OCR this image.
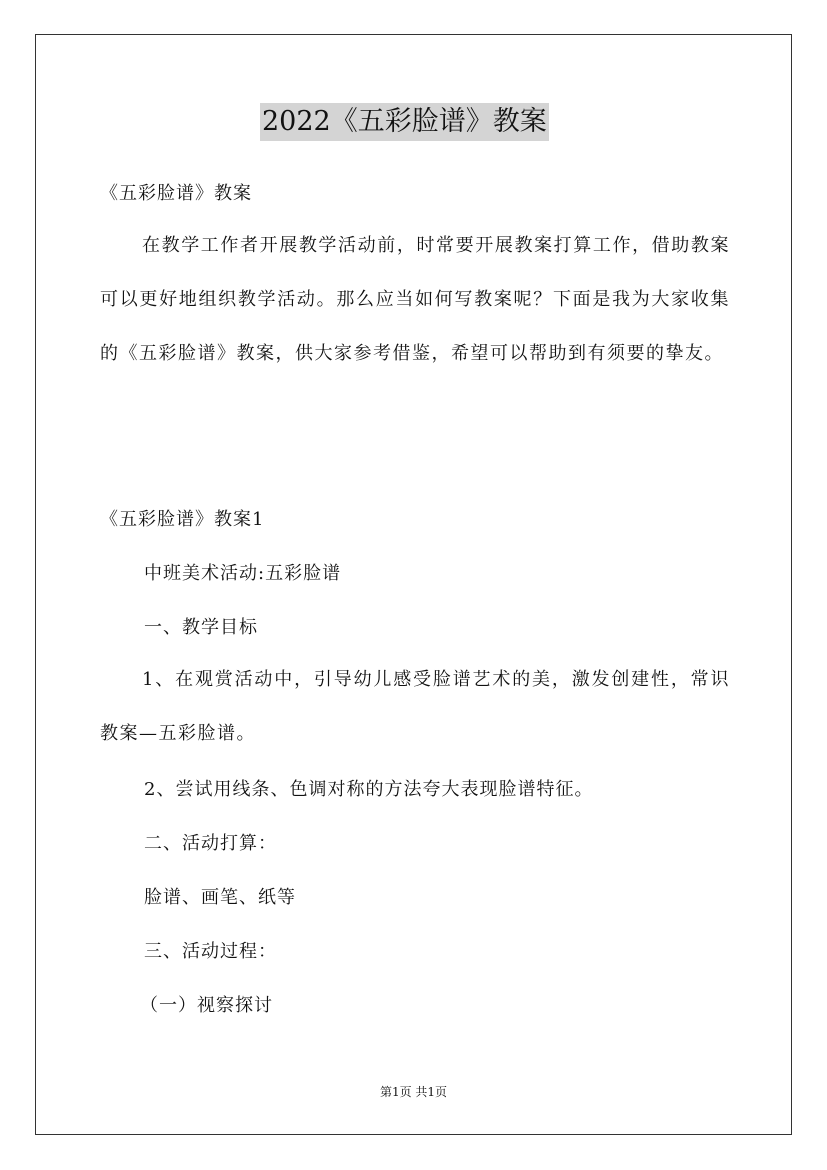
2022《五彩脸谱》教案
《五彩脸谱》教案
在教学工作者开展教学活动前，时常要开展教案打算工作，借助教案可以更好地组织教学活动。那么应当如何写教案呢？下面是我为大家收集的《五彩脸谱》教案，供大家参考借鉴，希望可以帮助到有须要的挚友。
《五彩脸谱》教案1
中班美术活动:五彩脸谱
一、教学目标
1、在观赏活动中，引导幼儿感受脸谱艺术的美，激发创建性，常识教案—五彩脸谱。
2、尝试用线条、色调对称的方法夸大表现脸谱特征。
二、活动打算：
脸谱、画笔、纸等
三、活动过程：
（一）视察探讨
第1页 共1页
